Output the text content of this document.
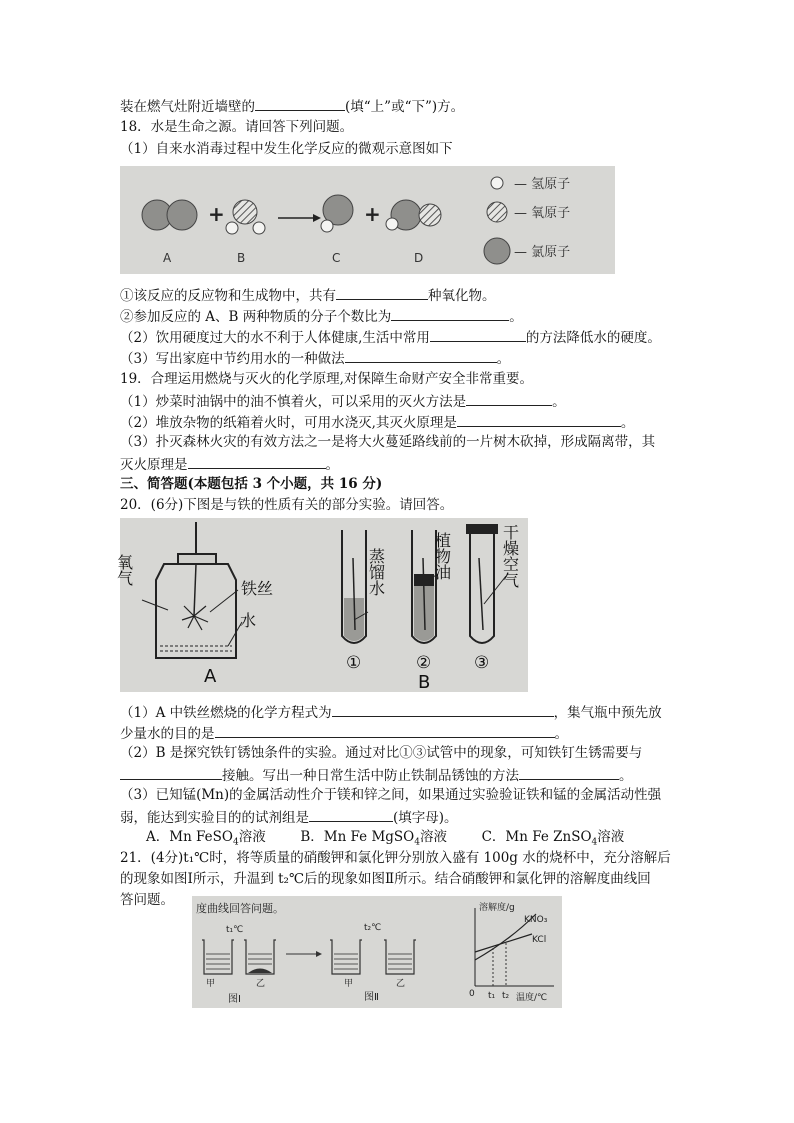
装在燃气灶附近墙壁的	(填“上”或“下”)方。
18．水是生命之源。请回答下列问题。
（1）自来水消毒过程中发生化学反应的微观示意图如下
+	+
A	B	C	D
— 氢原子
— 氧原子
— 氯原子
①该反应的反应物和生成物中，共有	种氧化物。
②参加反应的 A、B 两种物质的分子个数比为	。
（2）饮用硬度过大的水不利于人体健康,生活中常用	的方法降低水的硬度。
（3）写出家庭中节约用水的一种做法	。
19．合理运用燃烧与灭火的化学原理,对保障生命财产安全非常重要。
（1）炒菜时油锅中的油不慎着火，可以采用的灭火方法是	。
（2）堆放杂物的纸箱着火时，可用水浇灭,其灭火原理是	。
（3）扑灭森林火灾的有效方法之一是将大火蔓延路线前的一片树木砍掉，形成隔离带，其
灭火原理是	。
三、简答题(本题包括 3 个小题，共 16 分)
20．(6分)下图是与铁的性质有关的部分实验。请回答。
氧气
铁丝
水
A
蒸馏水	植物油	干燥空气
①	②	③
B
（1）A 中铁丝燃烧的化学方程式为	，集气瓶中预先放
少量水的目的是	。
（2）B 是探究铁钉锈蚀条件的实验。通过对比①③试管中的现象，可知铁钉生锈需要与
接触。写出一种日常生活中防止铁制品锈蚀的方法	。
（3）已知锰(Mn)的金属活动性介于镁和锌之间，如果通过实验验证铁和锰的金属活动性强
弱，能达到实验目的的试剂组是	(填字母)。
A．Mn FeSO$_4$溶液	B．Mn Fe MgSO$_4$溶液	C．Mn Fe ZnSO$_4$溶液
21．(4分)t₁℃时，将等质量的硝酸钾和氯化钾分别放入盛有 100g 水的烧杯中，充分溶解后
的现象如图Ⅰ所示，升温到 t₂℃后的现象如图Ⅱ所示。结合硝酸钾和氯化钾的溶解度曲线回
答问题。
度曲线回答问题。
t₁℃	t₂℃
甲	乙	甲	乙
图Ⅰ	图Ⅱ
溶解度/g
温度/℃
0 t₁ t₂
KNO₃
KCl
